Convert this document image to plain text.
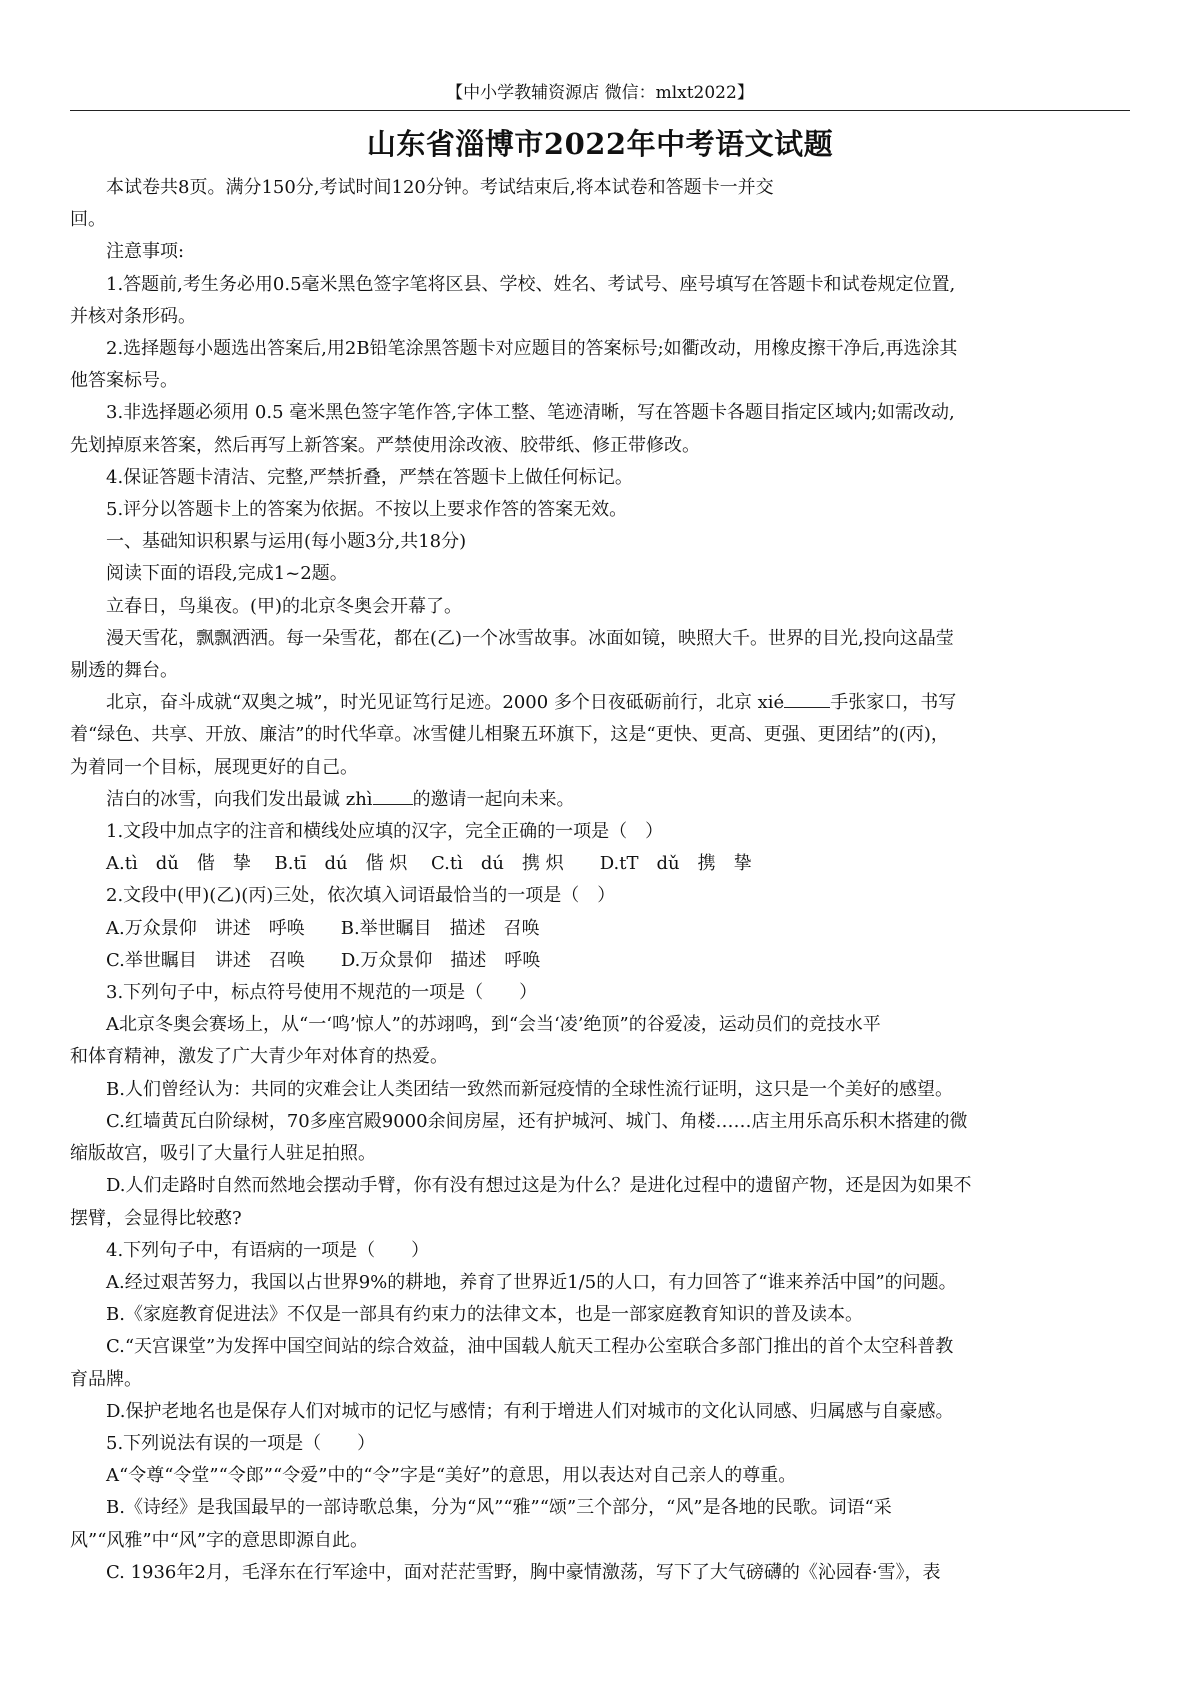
【中小学教辅资源店 微信：mlxt2022】
山东省淄博市2022年中考语文试题

本试卷共8页。满分150分,考试时间120分钟。考试结束后,将本试卷和答题卡一并交

回。

注意事项:

1.答题前,考生务必用0.5毫米黑色签字笔将区县、学校、姓名、考试号、座号填写在答题卡和试卷规定位置,

并核对条形码。

2.选择题每小题选出答案后,用2B铅笔涂黑答题卡对应题目的答案标号;如衢改动，用橡皮擦干净后,再选涂其

他答案标号。

3.非选择题必须用 0.5 毫米黑色签字笔作答,字体工整、笔迹清晰，写在答题卡各题目指定区域内;如需改动,

先划掉原来答案，然后再写上新答案。严禁使用涂改液、胶带纸、修正带修改。

4.保证答题卡清洁、完整,严禁折叠，严禁在答题卡上做任何标记。

5.评分以答题卡上的答案为依据。不按以上要求作答的答案无效。

一、基础知识积累与运用(每小题3分,共18分)

阅读下面的语段,完成1~2题。

立春日，鸟巢夜。(甲)的北京冬奥会开幕了。

漫天雪花，飘飘洒洒。每一朵雪花，都在(乙)一个冰雪故事。冰面如镜，映照大千。世界的目光,投向这晶莹

剔透的舞台。

北京，奋斗成就“双奥之城”，时光见证笃行足迹。2000 多个日夜砥砺前行，北京 xié	手张家口，书写

着“绿色、共享、开放、廉洁”的时代华章。冰雪健儿相聚五环旗下，这是“更快、更高、更强、更团结”的(丙)，

为着同一个目标，展现更好的自己。

洁白的冰雪，向我们发出最诚 zhì 的邀请一起向未来。

1.文段中加点字的注音和横线处应填的汉字，完全正确的一项是（　）

A.tì　dǔ　偕　挚　 B.tī　dú　偕 炽　 C.tì　dú　携 炽　　D.tT　dǔ　携　挚

2.文段中(甲)(乙)(丙)三处，依次填入词语最恰当的一项是（　）

A.万众景仰　讲述　呼唤　　B.举世瞩目　描述　召唤

C.举世瞩目　讲述　召唤　　D.万众景仰　描述　呼唤

3.下列句子中，标点符号使用不规范的一项是（　　）

A北京冬奥会赛场上，从“一‘鸣’惊人”的苏翊鸣，到“会当‘凌’绝顶”的谷爱凌，运动员们的竞技水平

和体育精神，激发了广大青少年对体育的热爱。

B.人们曾经认为：共同的灾难会让人类团结一致然而新冠疫情的全球性流行证明，这只是一个美好的感望。

C.红墙黄瓦白阶绿树，70多座宫殿9000余间房屋，还有护城河、城门、角楼……店主用乐高乐积木搭建的微

缩版故宫，吸引了大量行人驻足拍照。

D.人们走路时自然而然地会摆动手臂，你有没有想过这是为什么？是进化过程中的遗留产物，还是因为如果不

摆臂，会显得比较憨?

4.下列句子中，有语病的一项是（　　）

A.经过艰苦努力，我国以占世界9%的耕地，养育了世界近1/5的人口，有力回答了“谁来养活中国”的问题。

B.《家庭教育促进法》不仅是一部具有约束力的法律文本，也是一部家庭教育知识的普及读本。

C.“天宫课堂”为发挥中国空间站的综合效益，油中国载人航天工程办公室联合多部门推出的首个太空科普教

育品牌。

D.保护老地名也是保存人们对城市的记忆与感情；有利于增进人们对城市的文化认同感、归属感与自豪感。

5.下列说法有误的一项是（　　）

A“令尊“令堂”“令郎”“令爱”中的“令”字是“美好”的意思，用以表达对自己亲人的尊重。

B.《诗经》是我国最早的一部诗歌总集，分为“风”“雅”“颂”三个部分，“风”是各地的民歌。词语“采

风”“风雅”中“风”字的意思即源自此。

C. 1936年2月，毛泽东在行军途中，面对茫茫雪野，胸中豪情激荡，写下了大气磅礴的《沁园春·雪》，表
